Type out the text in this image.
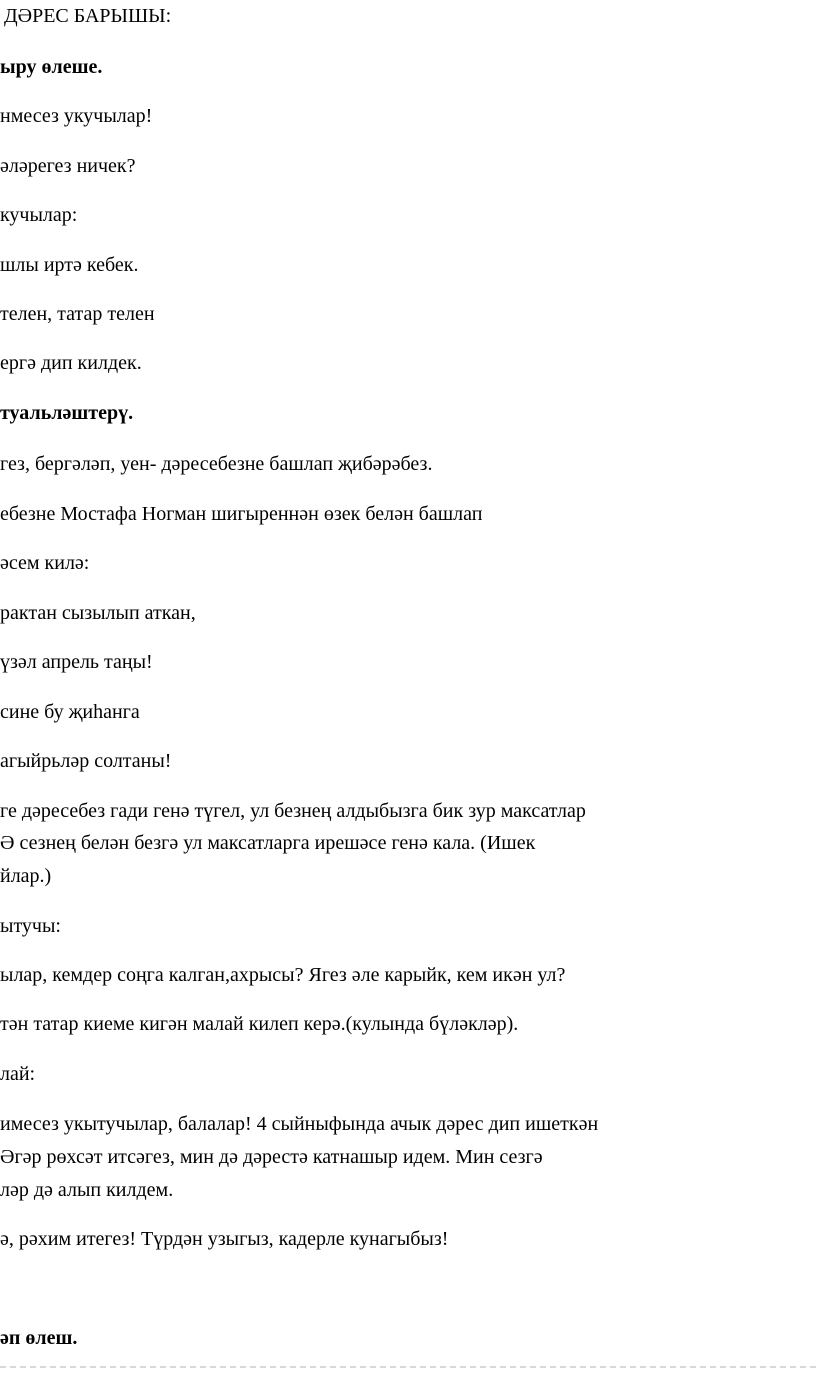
ДӘРЕС БАРЫШЫ:
ыру өлеше.
нмесез укучылар!
әләрегез ничек?
кучылар:
шлы иртә кебек.
телен, татар телен
ергә дип килдек.
туальләштерү.
гез, бергәләп, уен- дәресебезне башлап җибәрәбез.
ебезне Мостафа Ногман шигыреннән өзек белән башлап
әсем килә:
рактан сызылып аткан,
үзәл апрель таңы!
сине бу җиһанга
агыйрьләр солтаны!
ге дәресебез гади генә түгел, ул безнең алдыбызга бик зур максатлар
Ә сезнең белән безгә ул максатларга ирешәсе генә кала. (Ишек
йлар.)
ытучы:
ылар, кемдер соңга калган,ахрысы? Ягез әле карыйк, кем икән ул?
тән татар киеме кигән малай килеп керә.(кулында бүләкләр).
лай:
имесез укытучылар, балалар! 4 сыйныфында ачык дәрес дип ишеткән
Әгәр рөхсәт итсәгез, мин дә дәрестә катнашыр идем. Мин сезгә
ләр дә алып килдем.
ә, рәхим итегез! Түрдән узыгыз, кадерле кунагыбыз!
әп өлеш.
